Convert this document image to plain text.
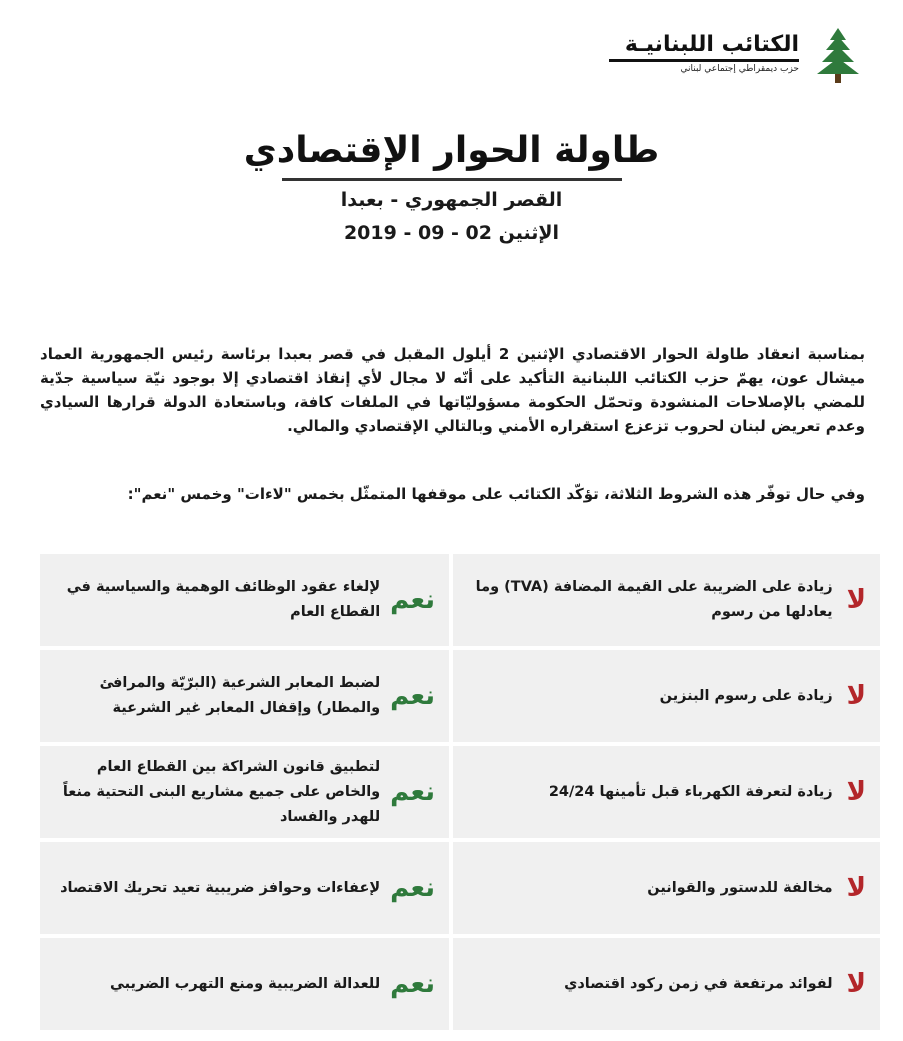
الكتائب اللبنانيـة
حزب ديمقراطي إجتماعي لبناني
طاولة الحوار الإقتصادي
القصر الجمهوري - بعبدا
الإثنين 02 - 09 - 2019
بمناسبة انعقاد طاولة الحوار الاقتصادي الإثنين 2 أيلول المقبل في قصر بعبدا برئاسة رئيس الجمهورية العماد ميشال عون، يهمّ حزب الكتائب اللبنانية التأكيد على أنّه لا مجال لأي إنقاذ اقتصادي إلا بوجود نيّة سياسية جدّية للمضي بالإصلاحات المنشودة وتحمّل الحكومة مسؤوليّاتها في الملفات كافة، وباستعادة الدولة قرارها السيادي وعدم تعريض لبنان لحروب تزعزع استقراره الأمني وبالتالي الإقتصادي والمالي.
وفي حال توفّر هذه الشروط الثلاثة، تؤكّد الكتائب على موقفها المتمثّل بخمس "لاءات" وخمس "نعم":
لا
زيادة على الضريبة على القيمة المضافة (TVA) وما يعادلها من رسوم
نعم
لإلغاء عقود الوظائف الوهمية والسياسية في القطاع العام
لا
زيادة على رسوم البنزين
نعم
لضبط المعابر الشرعية (البرّيّة والمرافئ والمطار) وإقفال المعابر غير الشرعية
لا
زيادة لتعرفة الكهرباء قبل تأمينها 24/24
نعم
لتطبيق قانون الشراكة بين القطاع العام والخاص على جميع مشاريع البنى التحتية منعاً للهدر والفساد
لا
مخالفة للدستور والقوانين
نعم
لإعفاءات وحوافز ضريبية تعيد تحريك الاقتصاد
لا
لفوائد مرتفعة في زمن ركود اقتصادي
نعم
للعدالة الضريبية ومنع التهرب الضريبي
